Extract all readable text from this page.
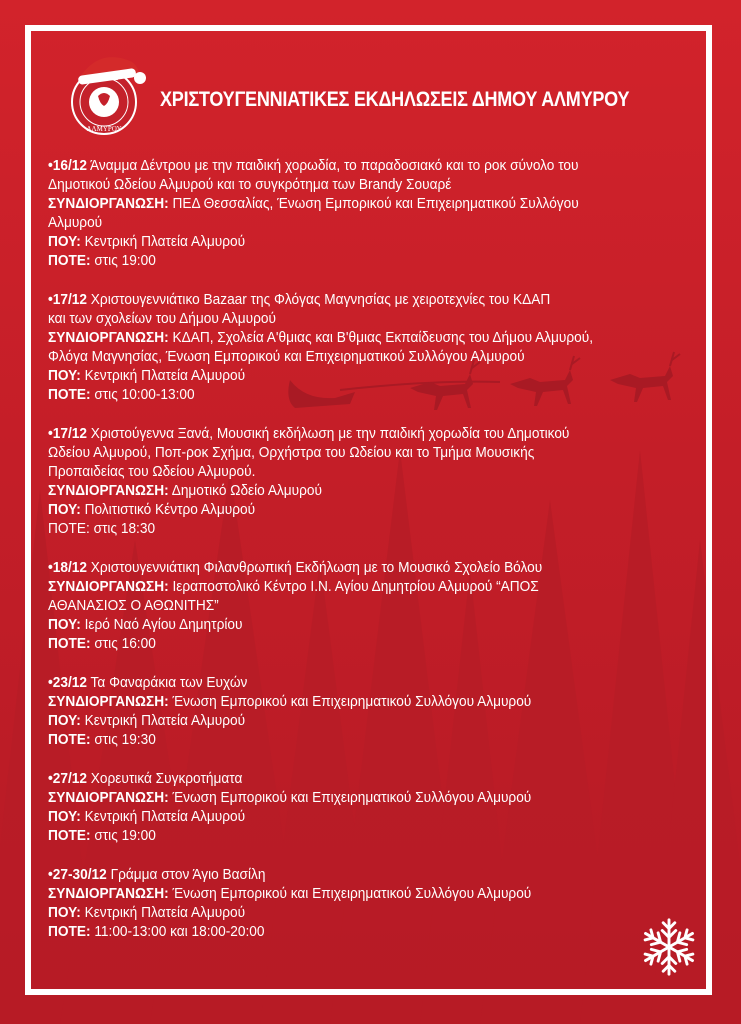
ΑΛΜΥΡΟΥ
ΧΡΙΣΤΟΥΓΕΝΝΙΑΤΙΚΕΣ ΕΚΔΗΛΩΣΕΙΣ ΔΗΜΟΥ ΑΛΜΥΡΟΥ
•16/12 Άναμμα Δέντρου με την παιδική χορωδία, το παραδοσιακό και το ροκ σύνολο του
Δημοτικού Ωδείου Αλμυρού και το συγκρότημα των Brandy Σουαρέ
ΣΥΝΔΙΟΡΓΑΝΩΣΗ: ΠΕΔ Θεσσαλίας, Ένωση Εμπορικού και Επιχειρηματικού Συλλόγου
Αλμυρού
ΠΟΥ: Κεντρική Πλατεία Αλμυρού
ΠΟΤΕ: στις 19:00
•17/12 Χριστουγεννιάτικο Bazaar της Φλόγας Μαγνησίας με χειροτεχνίες του ΚΔΑΠ
και των σχολείων του Δήμου Αλμυρού
ΣΥΝΔΙΟΡΓΑΝΩΣΗ: ΚΔΑΠ, Σχολεία Α'θμιας και Β'θμιας Εκπαίδευσης του Δήμου Αλμυρού,
Φλόγα Μαγνησίας, Ένωση Εμπορικού και Επιχειρηματικού Συλλόγου Αλμυρού
ΠΟΥ: Κεντρική Πλατεία Αλμυρού
ΠΟΤΕ: στις 10:00-13:00
•17/12 Χριστούγεννα Ξανά, Μουσική εκδήλωση με την παιδική χορωδία του Δημοτικού
Ωδείου Αλμυρού, Ποπ-ροκ Σχήμα, Ορχήστρα του Ωδείου και το Τμήμα Μουσικής
Προπαιδείας του Ωδείου Αλμυρού.
ΣΥΝΔΙΟΡΓΑΝΩΣΗ: Δημοτικό Ωδείο Αλμυρού
ΠΟΥ: Πολιτιστικό Κέντρο Αλμυρού
ΠΟΤΕ: στις 18:30
•18/12 Χριστουγεννιάτικη Φιλανθρωπική Εκδήλωση με το Μουσικό Σχολείο Βόλου
ΣΥΝΔΙΟΡΓΑΝΩΣΗ: Ιεραποστολικό Κέντρο Ι.Ν. Αγίου Δημητρίου Αλμυρού “ΑΠΟΣ
ΑΘΑΝΑΣΙΟΣ Ο ΑΘΩΝΙΤΗΣ”
ΠΟΥ: Ιερό Ναό Αγίου Δημητρίου
ΠΟΤΕ: στις 16:00
•23/12 Τα Φαναράκια των Ευχών
ΣΥΝΔΙΟΡΓΑΝΩΣΗ: Ένωση Εμπορικού και Επιχειρηματικού Συλλόγου Αλμυρού
ΠΟΥ: Κεντρική Πλατεία Αλμυρού
ΠΟΤΕ: στις 19:30
•27/12 Χορευτικά Συγκροτήματα
ΣΥΝΔΙΟΡΓΑΝΩΣΗ: Ένωση Εμπορικού και Επιχειρηματικού Συλλόγου Αλμυρού
ΠΟΥ: Κεντρική Πλατεία Αλμυρού
ΠΟΤΕ: στις 19:00
•27-30/12 Γράμμα στον Άγιο Βασίλη
ΣΥΝΔΙΟΡΓΑΝΩΣΗ: Ένωση Εμπορικού και Επιχειρηματικού Συλλόγου Αλμυρού
ΠΟΥ: Κεντρική Πλατεία Αλμυρού
ΠΟΤΕ: 11:00-13:00 και 18:00-20:00
